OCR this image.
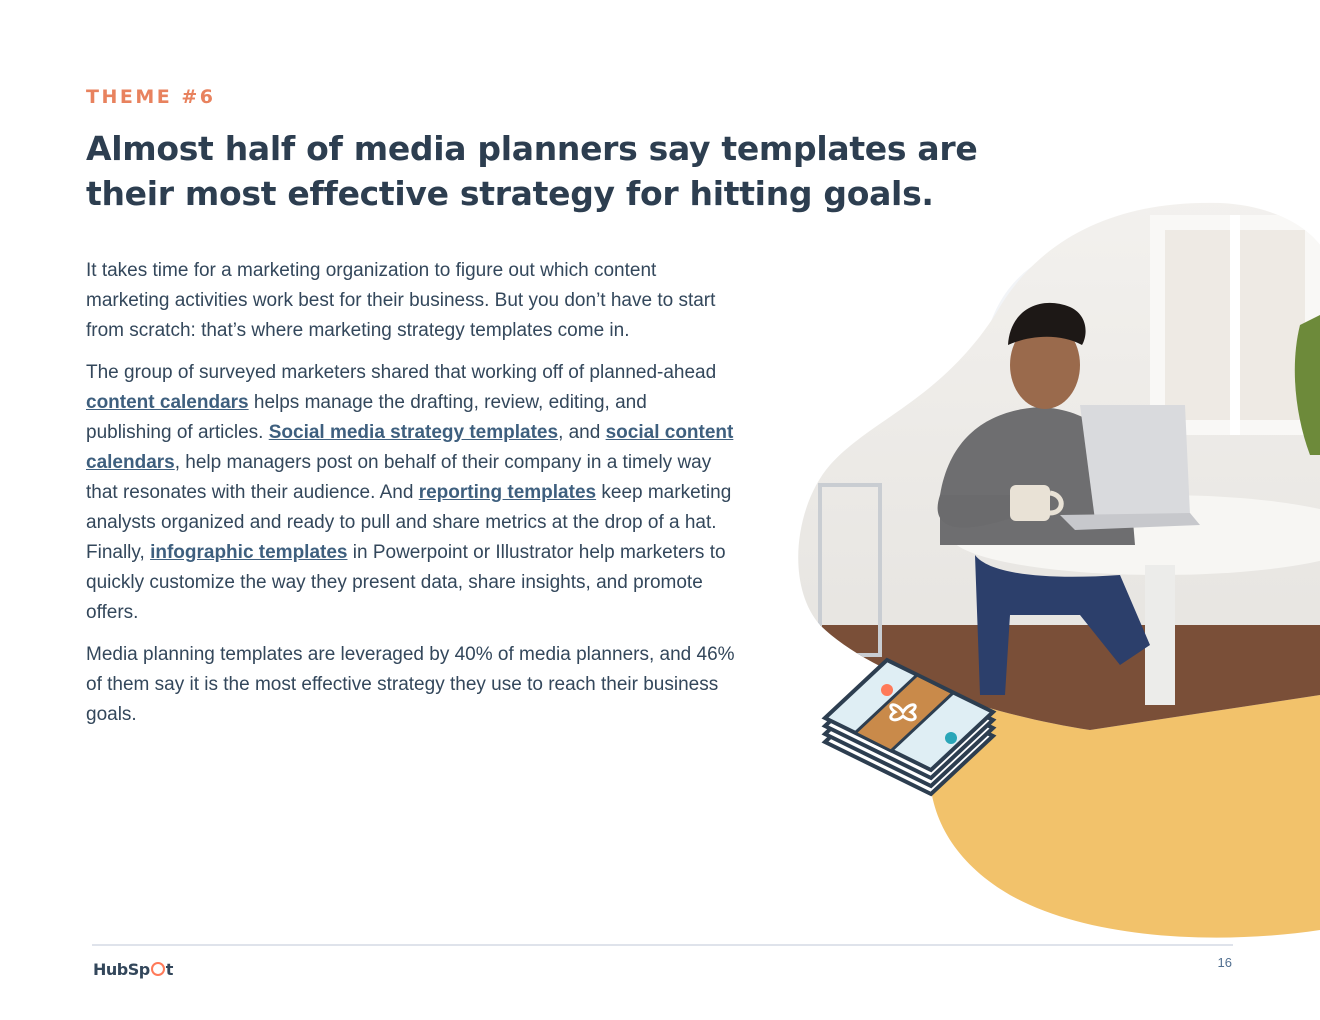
THEME #6
Almost half of media planners say templates are their most effective strategy for hitting goals.

It takes time for a marketing organization to figure out which content marketing activities work best for their business. But you don’t have to start from scratch: that’s where marketing strategy templates come in.

The group of surveyed marketers shared that working off of planned-ahead content calendars helps manage the drafting, review, editing, and publishing of articles. Social media strategy templates, and social content calendars, help managers post on behalf of their company in a timely way that resonates with their audience. And reporting templates keep marketing analysts organized and ready to pull and share metrics at the drop of a hat. Finally, infographic templates in Powerpoint or Illustrator help marketers to quickly customize the way they present data, share insights, and promote offers.

Media planning templates are leveraged by 40% of media planners, and 46% of them say it is the most effective strategy they use to reach their business goals.

HubSp t	16
